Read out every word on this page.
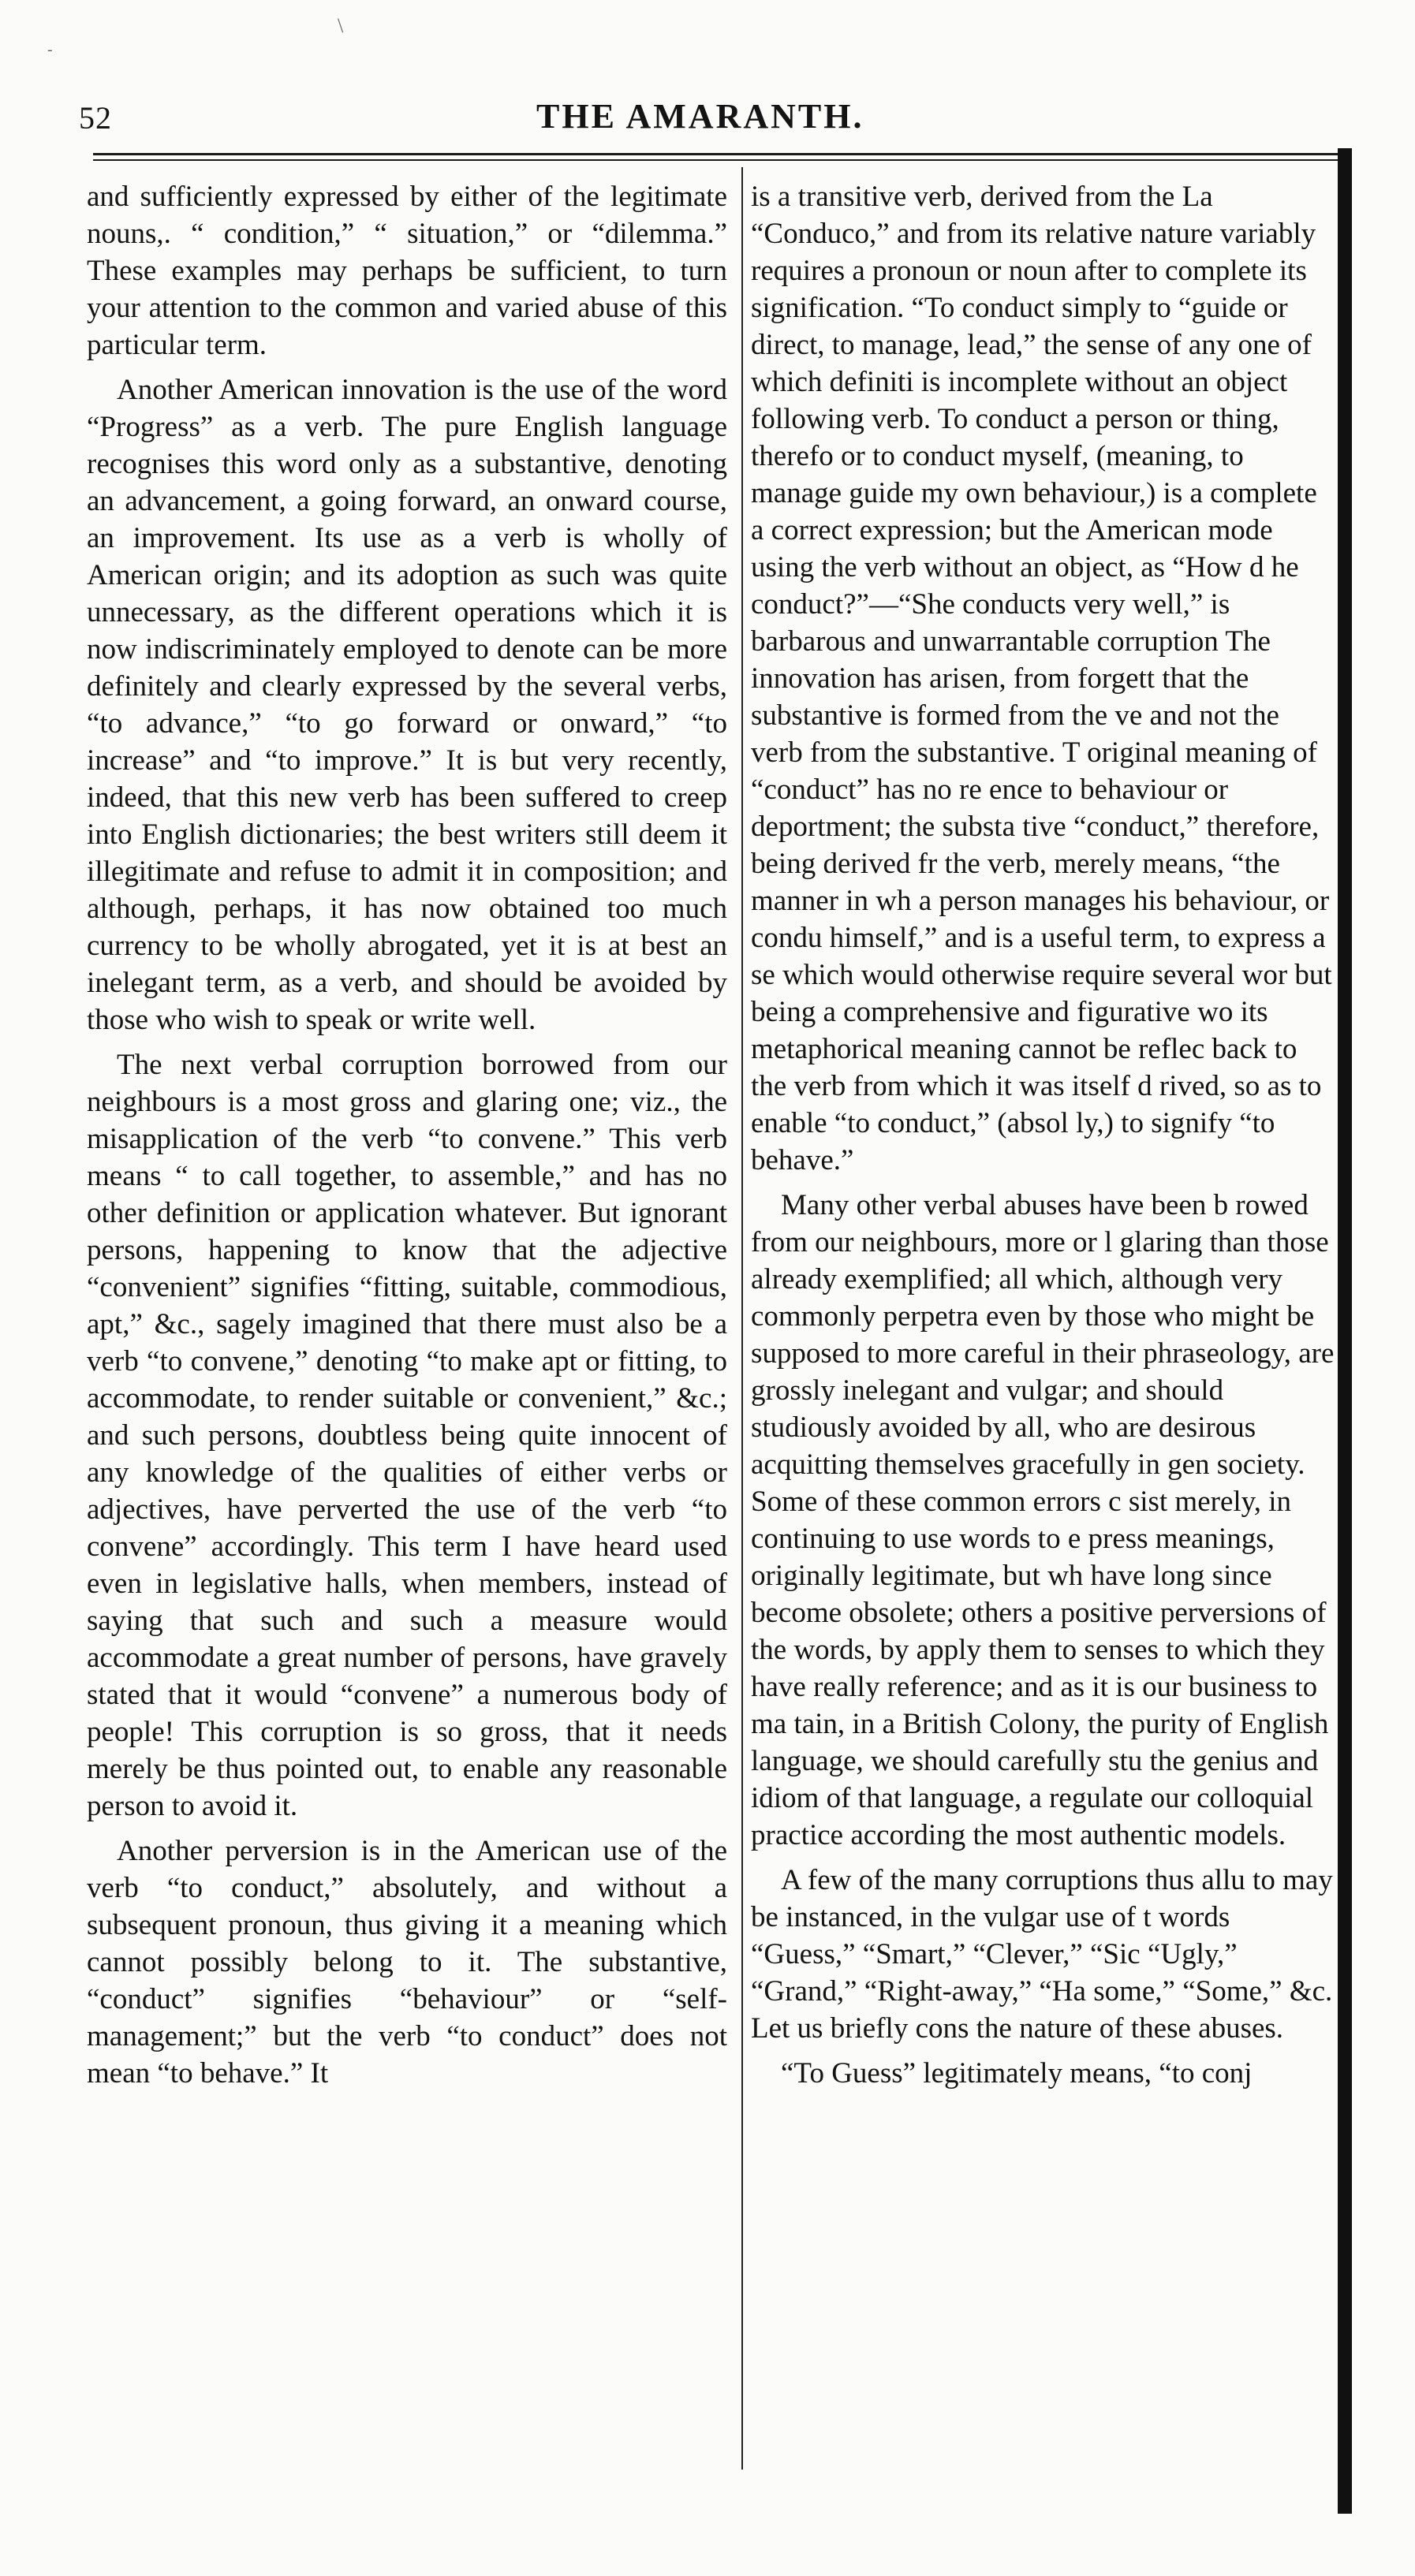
\
-
52	THE AMARANTH.

and sufficiently expressed by either of the legitimate nouns,. “ condition,” “ situation,” or “dilemma.” These examples may perhaps be sufficient, to turn your attention to the common and varied abuse of this particular term.

Another American innovation is the use of the word “Progress” as a verb. The pure English language recognises this word only as a substantive, denoting an advancement, a going forward, an onward course, an improvement. Its use as a verb is wholly of American origin; and its adoption as such was quite unnecessary, as the different operations which it is now indiscriminately employed to denote can be more definitely and clearly expressed by the several verbs, “to advance,” “to go forward or onward,” “to increase” and “to improve.” It is but very recently, indeed, that this new verb has been suffered to creep into English dictionaries; the best writers still deem it illegitimate and refuse to admit it in composition; and although, perhaps, it has now obtained too much currency to be wholly abrogated, yet it is at best an inelegant term, as a verb, and should be avoided by those who wish to speak or write well.

The next verbal corruption borrowed from our neighbours is a most gross and glaring one; viz., the misapplication of the verb “to convene.” This verb means “ to call together, to assemble,” and has no other definition or application whatever. But ignorant persons, happening to know that the adjective “convenient” signifies “fitting, suitable, commodious, apt,” &c., sagely imagined that there must also be a verb “to convene,” denoting “to make apt or fitting, to accommodate, to render suitable or convenient,” &c.; and such persons, doubtless being quite innocent of any knowledge of the qualities of either verbs or adjectives, have perverted the use of the verb “to convene” accordingly. This term I have heard used even in legislative halls, when members, instead of saying that such and such a measure would accommodate a great number of persons, have gravely stated that it would “convene” a numerous body of people! This corruption is so gross, that it needs merely be thus pointed out, to enable any reasonable person to avoid it.

Another perversion is in the American use of the verb “to conduct,” absolutely, and without a subsequent pronoun, thus giving it a meaning which cannot possibly belong to it. The substantive, “conduct” signifies “behaviour” or “self-management;” but the verb “to conduct” does not mean “to behave.” It

is a transitive verb, derived from the La “Conduco,” and from its relative nature variably requires a pronoun or noun after to complete its signification. “To conduct simply to “guide or direct, to manage, lead,” the sense of any one of which definiti is incomplete without an object following verb. To conduct a person or thing, therefo or to conduct myself, (meaning, to manage guide my own behaviour,) is a complete a correct expression; but the American mode using the verb without an object, as “How d he conduct?”—“She conducts very well,” is barbarous and unwarrantable corruption The innovation has arisen, from forgett that the substantive is formed from the ve and not the verb from the substantive. T original meaning of “conduct” has no re ence to behaviour or deportment; the substa tive “conduct,” therefore, being derived fr the verb, merely means, “the manner in wh a person manages his behaviour, or condu himself,” and is a useful term, to express a se which would otherwise require several wor but being a comprehensive and figurative wo its metaphorical meaning cannot be reflec back to the verb from which it was itself d rived, so as to enable “to conduct,” (absol ly,) to signify “to behave.”

Many other verbal abuses have been b rowed from our neighbours, more or l glaring than those already exemplified; all which, although very commonly perpetra even by those who might be supposed to more careful in their phraseology, are grossly inelegant and vulgar; and should studiously avoided by all, who are desirous acquitting themselves gracefully in gen society. Some of these common errors c sist merely, in continuing to use words to e press meanings, originally legitimate, but wh have long since become obsolete; others a positive perversions of the words, by apply them to senses to which they have really reference; and as it is our business to ma tain, in a British Colony, the purity of English language, we should carefully stu the genius and idiom of that language, a regulate our colloquial practice according the most authentic models.

A few of the many corruptions thus allu to may be instanced, in the vulgar use of t words “Guess,” “Smart,” “Clever,” “Sic “Ugly,” “Grand,” “Right-away,” “Ha some,” “Some,” &c. Let us briefly cons the nature of these abuses.

“To Guess” legitimately means, “to conj
